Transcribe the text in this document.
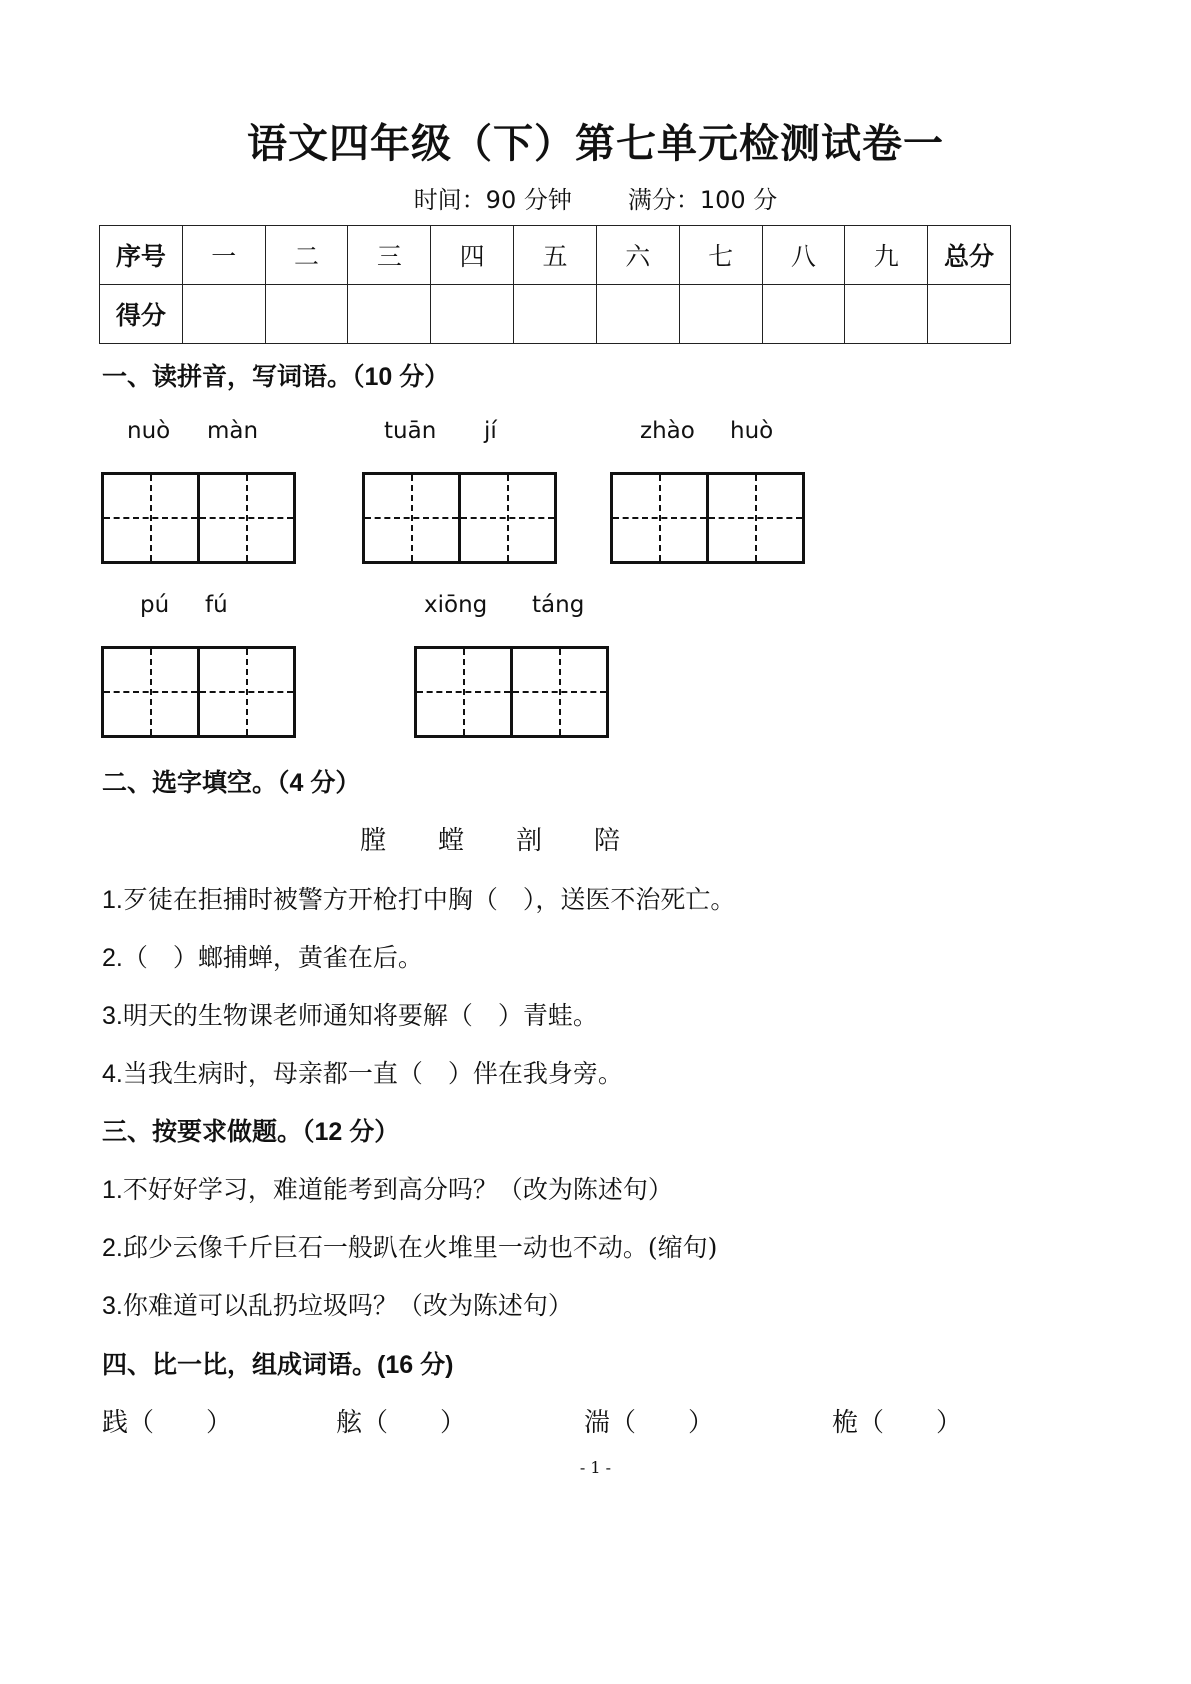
语文四年级（下）第七单元检测试卷一
时间：90 分钟 满分：100 分
序号	一	二	三	四	五	六	七	八	九	总分
得分										
一、读拼音，写词语。（10 分）
nuò màn	tuān jí	zhào huò
pú fú	xiōng táng
二、选字填空。（4 分）
膛 螳 剖 陪
1.歹徒在拒捕时被警方开枪打中胸（　），送医不治死亡。
2.（　）螂捕蝉，黄雀在后。
3.明天的生物课老师通知将要解（　）青蛙。
4.当我生病时，母亲都一直（　）伴在我身旁。
三、按要求做题。（12 分）
1.不好好学习，难道能考到高分吗？（改为陈述句）
2.邱少云像千斤巨石一般趴在火堆里一动也不动。(缩句)
3.你难道可以乱扔垃圾吗？（改为陈述句）
四、比一比，组成词语。(16 分)
践（　　）	舷（　　）	湍（　　）	桅（　　）
- 1 -
